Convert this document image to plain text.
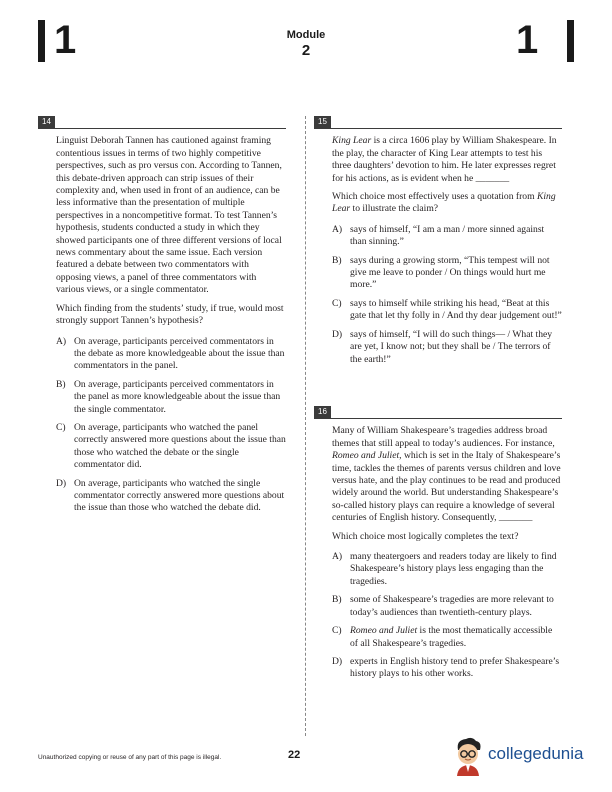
1	Module
2	1
14

Linguist Deborah Tannen has cautioned against framing contentious issues in terms of two highly competitive perspectives, such as pro versus con. According to Tannen, this debate-driven approach can strip issues of their complexity and, when used in front of an audience, can be less informative than the presentation of multiple perspectives in a noncompetitive format. To test Tannen’s hypothesis, students conducted a study in which they showed participants one of three different versions of local news commentary about the same issue. Each version featured a debate between two commentators with opposing views, a panel of three commentators with various views, or a single commentator.

Which finding from the students’ study, if true, would most strongly support Tannen’s hypothesis?

A) On average, participants perceived commentators in the debate as more knowledgeable about the issue than commentators in the panel.
B) On average, participants perceived commentators in the panel as more knowledgeable about the issue than the single commentator.
C) On average, participants who watched the panel correctly answered more questions about the issue than those who watched the debate or the single commentator did.
D) On average, participants who watched the single commentator correctly answered more questions about the issue than those who watched the debate did.
15

King Lear is a circa 1606 play by William Shakespeare. In the play, the character of King Lear attempts to test his three daughters’ devotion to him. He later expresses regret for his actions, as is evident when he _______

Which choice most effectively uses a quotation from King Lear to illustrate the claim?

A) says of himself, “I am a man / more sinned against than sinning.”
B) says during a growing storm, “This tempest will not give me leave to ponder / On things would hurt me more.”
C) says to himself while striking his head, “Beat at this gate that let thy folly in / And thy dear judgement out!”
D) says of himself, “I will do such things— / What they are yet, I know not; but they shall be / The terrors of the earth!”
16

Many of William Shakespeare’s tragedies address broad themes that still appeal to today’s audiences. For instance, Romeo and Juliet, which is set in the Italy of Shakespeare’s time, tackles the themes of parents versus children and love versus hate, and the play continues to be read and produced widely around the world. But understanding Shakespeare’s so-called history plays can require a knowledge of several centuries of English history. Consequently, _______

Which choice most logically completes the text?

A) many theatergoers and readers today are likely to find Shakespeare’s history plays less engaging than the tragedies.
B) some of Shakespeare’s tragedies are more relevant to today’s audiences than twentieth-century plays.
C) Romeo and Juliet is the most thematically accessible of all Shakespeare’s tragedies.
D) experts in English history tend to prefer Shakespeare’s history plays to his other works.
Unauthorized copying or reuse of any part of this page is illegal.	22	collegedunia
